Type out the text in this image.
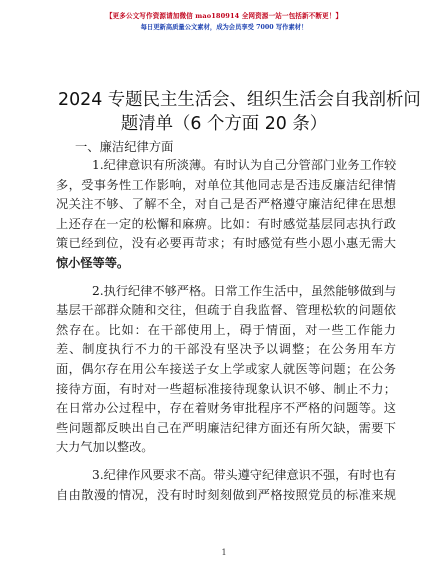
【更多公文写作资源请加微信 mao180914 全网资源一站一包括新不断更！】
每日更新高质量公文素材，成为会员享受 7000 写作素材！
2024 专题民主生活会、组织生活会自我剖析问
题清单（6 个方面 20 条）
一、廉洁纪律方面
1.纪律意识有所淡薄。有时认为自己分管部门业务工作较
多，受事务性工作影响，对单位其他同志是否违反廉洁纪律情
况关注不够、了解不全，对自己是否严格遵守廉洁纪律在思想
上还存在一定的松懈和麻痹。比如：有时感觉基层同志执行政
策已经到位，没有必要再苛求；有时感觉有些小恩小惠无需大
惊小怪等等。
2.执行纪律不够严格。日常工作生活中，虽然能够做到与
基层干部群众随和交往，但疏于自我监督、管理松软的问题依
然存在。比如：在干部使用上，碍于情面，对一些工作能力
差、制度执行不力的干部没有坚决予以调整；在公务用车方
面，偶尔存在用公车接送子女上学或家人就医等问题；在公务
接待方面，有时对一些超标准接待现象认识不够、制止不力；
在日常办公过程中，存在着财务审批程序不严格的问题等。这
些问题都反映出自己在严明廉洁纪律方面还有所欠缺，需要下
大力气加以整改。
3.纪律作风要求不高。带头遵守纪律意识不强，有时也有
自由散漫的情况，没有时时刻刻做到严格按照党员的标准来规
1
